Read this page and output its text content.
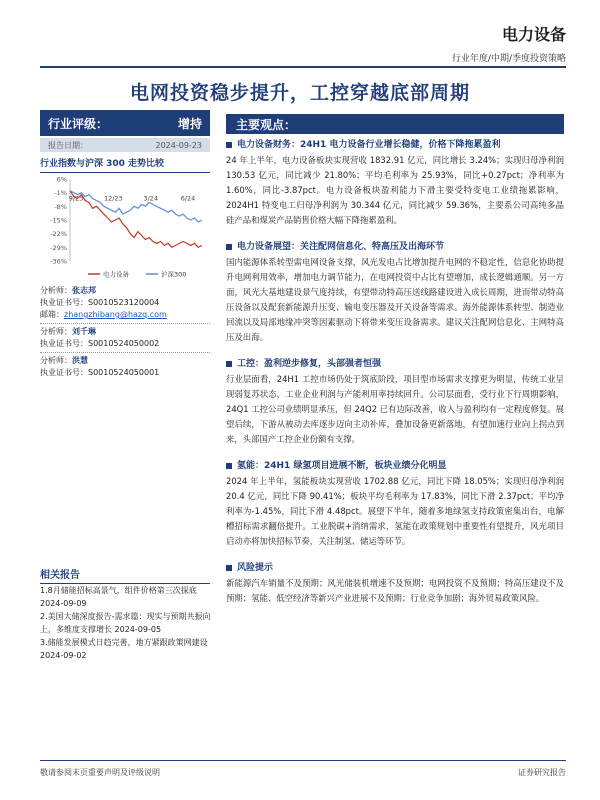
电力设备
行业年度/中期/季度投资策略
电网投资稳步提升，工控穿越底部周期
行业评级：	增持
报告日期：	2024-09-23
行业指数与沪深 300 走势比较
6%
-1%
-8%
-15%
-22%
-29%
-36%
9/23	12/23	3/24	6/24
电力设备	沪深300
分析师：张志邦
执业证书号：S0010523120004
邮箱：zhangzhibang@hazq.com
分析师：刘千琳
执业证书号：S0010524050002
分析师：洪慧
执业证书号：S0010524050001
相关报告
1.8月储能招标高景气，组件价格第三次探底 2024-09-09
2.美国大储深度报告-需求篇：现实与预期共振向上，多维度支撑增长 2024-09-05
3.储能发展模式日趋完善，地方紧跟政策网建设 2024-09-02
主要观点：
电力设备财务：24H1 电力设备行业增长稳健，价格下降拖累盈利
24 年上半年，电力设备板块实现营收 1832.91 亿元，同比增长 3.24%；实现归母净利润 130.53 亿元，同比减少 21.80%；平均毛利率为 25.93%，同比+0.27pct；净利率为 1.60%，同比-3.87pct。电力设备板块盈利能力下滑主要受特变电工业绩拖累影响，2024H1 特变电工归母净利润为 30.344 亿元，同比减少 59.36%，主要系公司高纯多晶硅产品和煤炭产品销售价格大幅下降拖累盈利。
电力设备展望：关注配网信息化、特高压及出海环节
国内能源体系转型需电网设备支撑，风光发电占比增加提升电网的不稳定性，信息化协助提升电网利用效率，增加电力调节能力，在电网投资中占比有望增加，成长逻辑通顺。另一方面，风光大基地建设景气度持续，有望带动特高压送线路建设进入成长周期，进而带动特高压设备以及配套新能源升压变、输电变压器及开关设备等需求。海外能源体系转型、制造业回流以及局部地缘冲突等因素驱动下将带来变压设备需求。建议关注配网信息化、主网特高压及出海。
工控：盈利逆步修复，头部强者恒强
行业层面看，24H1 工控市场仍处于筑底阶段，项目型市场需求支撑更为明显，传统工业呈现弱复苏状态，工业企业利润与产能利用率持续回升。公司层面看，受行业下行周期影响，24Q1 工控公司业绩明显承压，但 24Q2 已有边际改善，收入与盈利均有一定程度修复。展望后续，下游从被动去库逐步迈向主动补库，叠加设备更新落地，有望加速行业向上拐点到来，头部国产工控企业份额有支撑。
氢能：24H1 绿氢项目进展不断，板块业绩分化明显
2024 年上半年，氢能板块实现营收 1702.88 亿元，同比下降 18.05%；实现归母净利润 20.4 亿元，同比下降 90.41%；板块平均毛利率为 17.83%，同比下滑 2.37pct；平均净利率为-1.45%，同比下滑 4.48pct。展望下半年，随着多地绿氢支持政策密集出台，电解槽招标需求翻倍提升。工业脱碳+消纳需求，氢能在政策规划中重要性有望提升，风光项目启动亦将加快招标节奏，关注制氢、储运等环节。
风险提示
新能源汽车销量不及预期；风光储装机增速不及预期；电网投资不及预期；特高压建设不及预期；氢能、低空经济等新兴产业进展不及预期；行业竞争加剧；海外贸易政策风险。
敬请参阅末页重要声明及评级说明	证券研究报告
